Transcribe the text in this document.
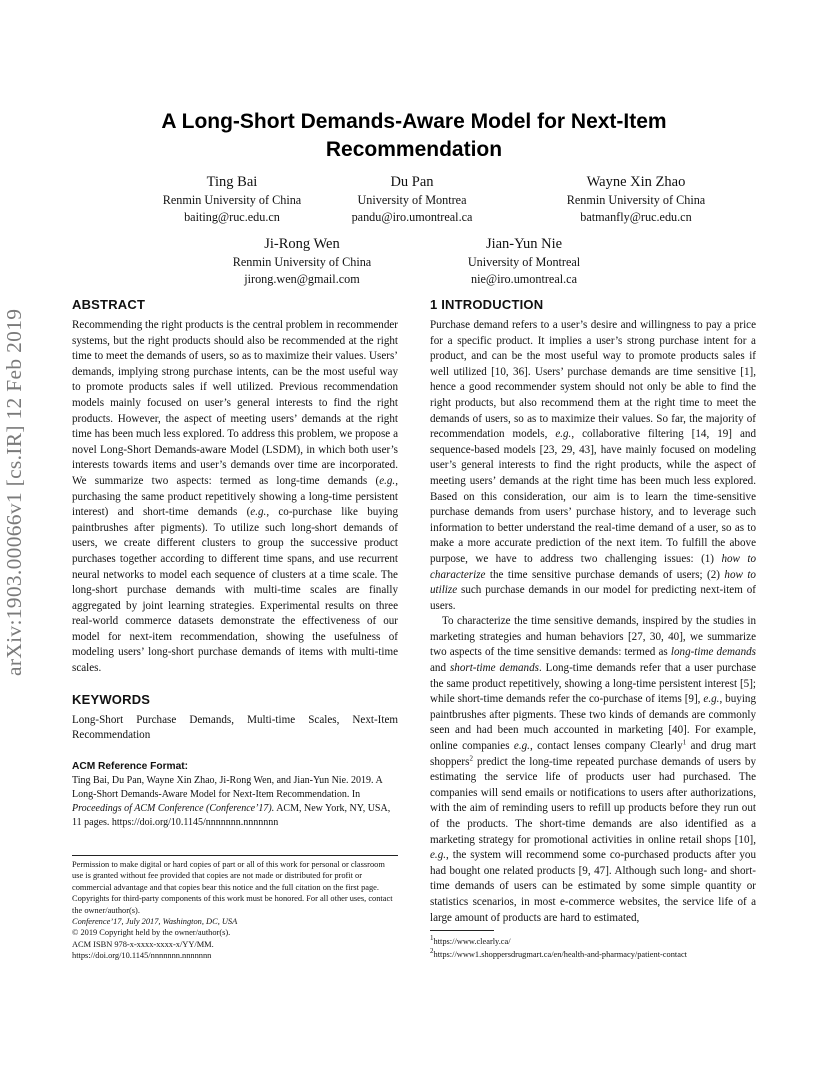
A Long-Short Demands-Aware Model for Next-Item Recommendation
Ting Bai
Renmin University of China
baiting@ruc.edu.cn
Du Pan
University of Montrea
pandu@iro.umontreal.ca
Wayne Xin Zhao
Renmin University of China
batmanfly@ruc.edu.cn
Ji-Rong Wen
Renmin University of China
jirong.wen@gmail.com
Jian-Yun Nie
University of Montreal
nie@iro.umontreal.ca
arXiv:1903.00066v1 [cs.IR] 12 Feb 2019
ABSTRACT

Recommending the right products is the central problem in recommender systems, but the right products should also be recommended at the right time to meet the demands of users, so as to maximize their values. Users’ demands, implying strong purchase intents, can be the most useful way to promote products sales if well utilized. Previous recommendation models mainly focused on user’s general interests to find the right products. However, the aspect of meeting users’ demands at the right time has been much less explored. To address this problem, we propose a novel Long-Short Demands-aware Model (LSDM), in which both user’s interests towards items and user’s demands over time are incorporated. We summarize two aspects: termed as long-time demands (e.g., purchasing the same product repetitively showing a long-time persistent interest) and short-time demands (e.g., co-purchase like buying paintbrushes after pigments). To utilize such long-short demands of users, we create different clusters to group the successive product purchases together according to different time spans, and use recurrent neural networks to model each sequence of clusters at a time scale. The long-short purchase demands with multi-time scales are finally aggregated by joint learning strategies. Experimental results on three real-world commerce datasets demonstrate the effectiveness of our model for next-item recommendation, showing the usefulness of modeling users’ long-short purchase demands of items with multi-time scales.

KEYWORDS

Long-Short Purchase Demands, Multi-time Scales, Next-Item Recommendation

ACM Reference Format:

Ting Bai, Du Pan, Wayne Xin Zhao, Ji-Rong Wen, and Jian-Yun Nie. 2019. A Long-Short Demands-Aware Model for Next-Item Recommendation. In Proceedings of ACM Conference (Conference’17). ACM, New York, NY, USA, 11 pages. https://doi.org/10.1145/nnnnnnn.nnnnnnn

Permission to make digital or hard copies of part or all of this work for personal or classroom use is granted without fee provided that copies are not made or distributed for profit or commercial advantage and that copies bear this notice and the full citation on the first page. Copyrights for third-party components of this work must be honored. For all other uses, contact the owner/author(s).

Conference’17, July 2017, Washington, DC, USA

© 2019 Copyright held by the owner/author(s).

ACM ISBN 978-x-xxxx-xxxx-x/YY/MM.

https://doi.org/10.1145/nnnnnnn.nnnnnnn

1 INTRODUCTION

Purchase demand refers to a user’s desire and willingness to pay a price for a specific product. It implies a user’s strong purchase intent for a product, and can be the most useful way to promote products sales if well utilized [10, 36]. Users’ purchase demands are time sensitive [1], hence a good recommender system should not only be able to find the right products, but also recommend them at the right time to meet the demands of users, so as to maximize their values. So far, the majority of recommendation models, e.g., collaborative filtering [14, 19] and sequence-based models [23, 29, 43], have mainly focused on modeling user’s general interests to find the right products, while the aspect of meeting users’ demands at the right time has been much less explored. Based on this consideration, our aim is to learn the time-sensitive purchase demands from users’ purchase history, and to leverage such information to better understand the real-time demand of a user, so as to make a more accurate prediction of the next item. To fulfill the above purpose, we have to address two challenging issues: (1) how to characterize the time sensitive purchase demands of users; (2) how to utilize such purchase demands in our model for predicting next-item of users.

To characterize the time sensitive demands, inspired by the studies in marketing strategies and human behaviors [27, 30, 40], we summarize two aspects of the time sensitive demands: termed as long-time demands and short-time demands. Long-time demands refer that a user purchase the same product repetitively, showing a long-time persistent interest [5]; while short-time demands refer the co-purchase of items [9], e.g., buying paintbrushes after pigments. These two kinds of demands are commonly seen and had been much accounted in marketing [40]. For example, online companies e.g., contact lenses company Clearly$^1$ and drug mart shoppers$^2$ predict the long-time repeated purchase demands of users by estimating the service life of products user had purchased. The companies will send emails or notifications to users after authorizations, with the aim of reminding users to refill up products before they run out of the products. The short-time demands are also identified as a marketing strategy for promotional activities in online retail shops [10], e.g., the system will recommend some co-purchased products after you had bought one related products [9, 47]. Although such long- and short-time demands of users can be estimated by some simple quantity or statistics scenarios, in most e-commerce websites, the service life of a large amount of products are hard to estimated,

$^1$https://www.clearly.ca/
$^2$https://www1.shoppersdrugmart.ca/en/health-and-pharmacy/patient-contact
